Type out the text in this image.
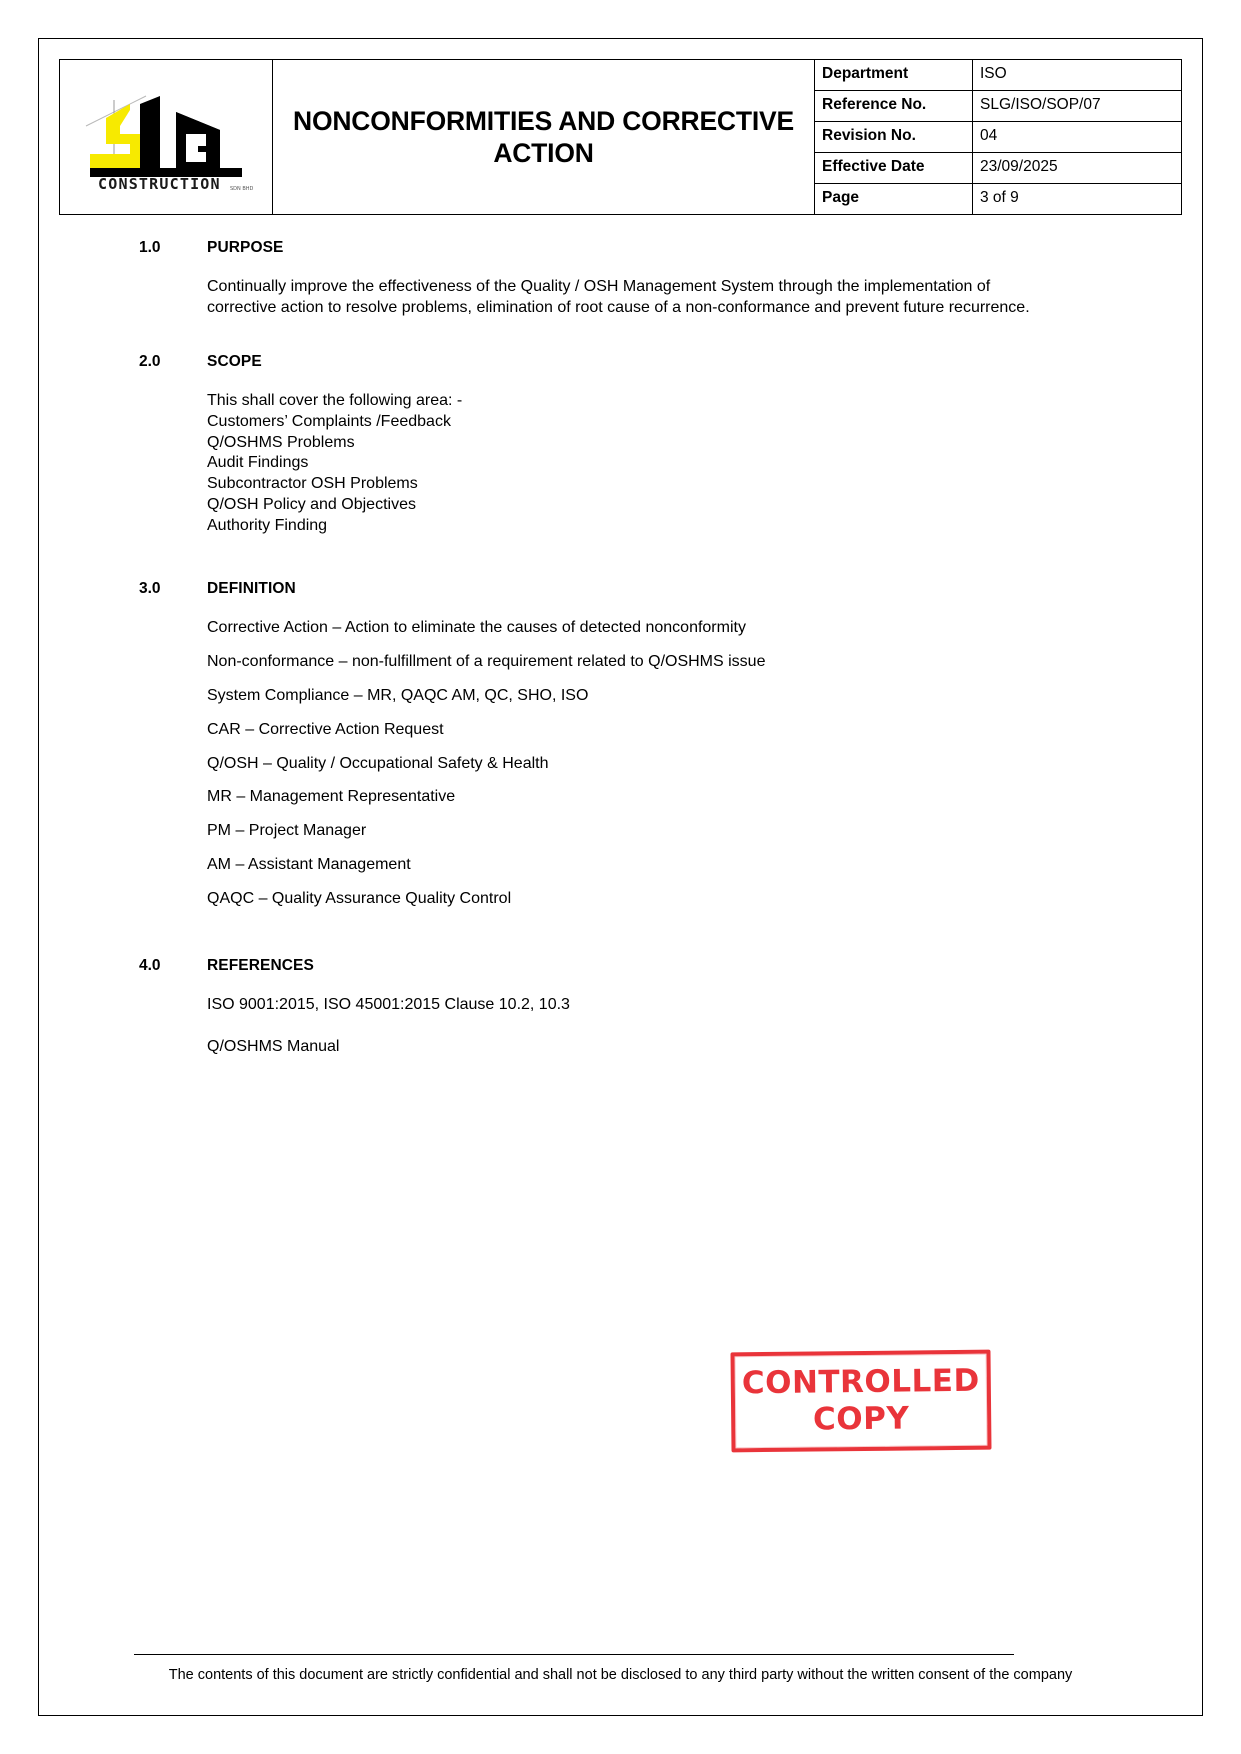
CONSTRUCTION SDN BHD
NONCONFORMITIES AND CORRECTIVE ACTION
Department	ISO
Reference No.	SLG/ISO/SOP/07
Revision No.	04
Effective Date	23/09/2025
Page	3 of 9
1.0	PURPOSE
Continually improve the effectiveness of the Quality / OSH Management System through the implementation of corrective action to resolve problems, elimination of root cause of a non-conformance and prevent future recurrence.
2.0	SCOPE
This shall cover the following area: -
Customers’ Complaints /Feedback
Q/OSHMS Problems
Audit Findings
Subcontractor OSH Problems
Q/OSH Policy and Objectives
Authority Finding
3.0	DEFINITION
Corrective Action – Action to eliminate the causes of detected nonconformity
Non-conformance – non-fulfillment of a requirement related to Q/OSHMS issue
System Compliance – MR, QAQC AM, QC, SHO, ISO
CAR – Corrective Action Request
Q/OSH – Quality / Occupational Safety & Health
MR – Management Representative
PM – Project Manager
AM – Assistant Management
QAQC – Quality Assurance Quality Control
4.0	REFERENCES
ISO 9001:2015, ISO 45001:2015 Clause 10.2, 10.3
Q/OSHMS Manual
CONTROLLED
COPY
The contents of this document are strictly confidential and shall not be disclosed to any third party without the written consent of the company
